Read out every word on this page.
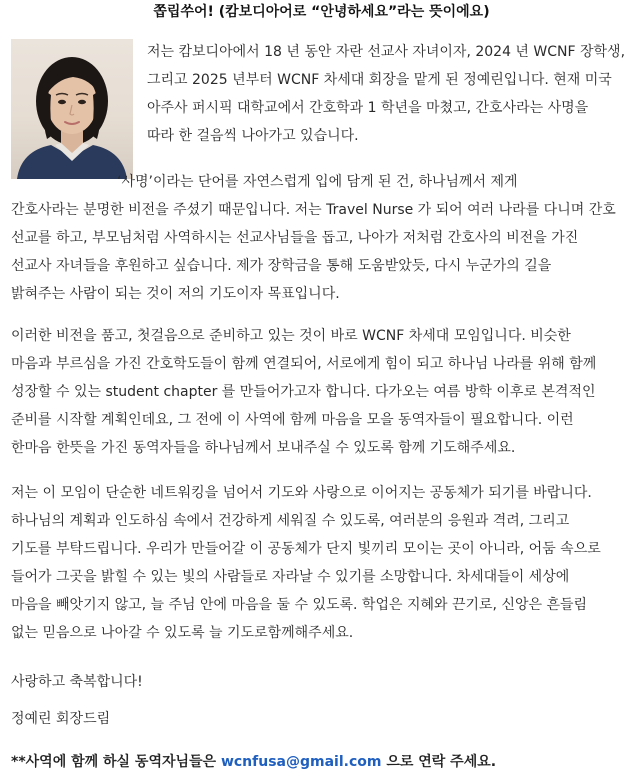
쫍립쑤어! (캄보디아어로 “안녕하세요”라는 뜻이에요)
저는 캄보디아에서 18 년 동안 자란 선교사 자녀이자, 2024 년 WCNF 장학생,
그리고 2025 년부터 WCNF 차세대 회장을 맡게 된 정예린입니다. 현재 미국
아주사 퍼시픽 대학교에서 간호학과 1 학년을 마쳤고, 간호사라는 사명을
따라 한 걸음씩 나아가고 있습니다.
‘사명’이라는 단어를 자연스럽게 입에 담게 된 건, 하나님께서 제게
간호사라는 분명한 비전을 주셨기 때문입니다. 저는 Travel Nurse 가 되어 여러 나라를 다니며 간호
선교를 하고, 부모님처럼 사역하시는 선교사님들을 돕고, 나아가 저처럼 간호사의 비전을 가진
선교사 자녀들을 후원하고 싶습니다. 제가 장학금을 통해 도움받았듯, 다시 누군가의 길을
밝혀주는 사람이 되는 것이 저의 기도이자 목표입니다.
이러한 비전을 품고, 첫걸음으로 준비하고 있는 것이 바로 WCNF 차세대 모임입니다. 비슷한
마음과 부르심을 가진 간호학도들이 함께 연결되어, 서로에게 힘이 되고 하나님 나라를 위해 함께
성장할 수 있는 student chapter 를 만들어가고자 합니다. 다가오는 여름 방학 이후로 본격적인
준비를 시작할 계획인데요, 그 전에 이 사역에 함께 마음을 모을 동역자들이 필요합니다. 이런
한마음 한뜻을 가진 동역자들을 하나님께서 보내주실 수 있도록 함께 기도해주세요.
저는 이 모임이 단순한 네트워킹을 넘어서 기도와 사랑으로 이어지는 공동체가 되기를 바랍니다.
하나님의 계획과 인도하심 속에서 건강하게 세워질 수 있도록, 여러분의 응원과 격려, 그리고
기도를 부탁드립니다. 우리가 만들어갈 이 공동체가 단지 빛끼리 모이는 곳이 아니라, 어둠 속으로
들어가 그곳을 밝힐 수 있는 빛의 사람들로 자라날 수 있기를 소망합니다. 차세대들이 세상에
마음을 빼앗기지 않고, 늘 주님 안에 마음을 둘 수 있도록. 학업은 지혜와 끈기로, 신앙은 흔들림
없는 믿음으로 나아갈 수 있도록 늘 기도로함께해주세요.
사랑하고 축복합니다!
정예린 회장드림
**사역에 함께 하실 동역자님들은 wcnfusa@gmail.com 으로 연락 주세요.
